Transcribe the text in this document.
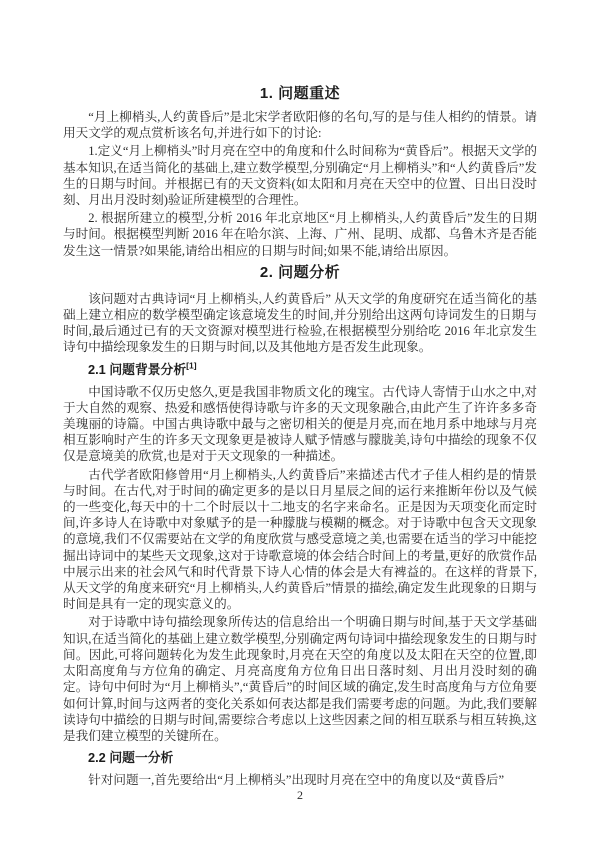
1. 问题重述

“月上柳梢头,人约黄昏后”是北宋学者欧阳修的名句,写的是与佳人相约的情景。请用天文学的观点赏析该名句,并进行如下的讨论:

1.定义“月上柳梢头”时月亮在空中的角度和什么时间称为“黄昏后”。根据天文学的基本知识,在适当简化的基础上,建立数学模型,分别确定“月上柳梢头”和“人约黄昏后”发生的日期与时间。并根据已有的天文资料(如太阳和月亮在天空中的位置、日出日没时刻、月出月没时刻)验证所建模型的合理性。

2. 根据所建立的模型,分析 2016 年北京地区“月上柳梢头,人约黄昏后”发生的日期与时间。根据模型判断 2016 年在哈尔滨、上海、广州、昆明、成都、乌鲁木齐是否能发生这一情景?如果能,请给出相应的日期与时间;如果不能,请给出原因。

2. 问题分析

该问题对古典诗词“月上柳梢头,人约黄昏后” 从天文学的角度研究在适当简化的基础上建立相应的数学模型确定该意境发生的时间,并分别给出这两句诗词发生的日期与时间,最后通过已有的天文资源对模型进行检验,在根据模型分别给吃 2016 年北京发生诗句中描绘现象发生的日期与时间,以及其他地方是否发生此现象。

2.1 问题背景分析[1]

中国诗歌不仅历史悠久,更是我国非物质文化的瑰宝。古代诗人寄情于山水之中,对于大自然的观察、热爱和感悟使得诗歌与许多的天文现象融合,由此产生了许许多多奇美瑰丽的诗篇。中国古典诗歌中最与之密切相关的便是月亮,而在地月系中地球与月亮相互影响时产生的许多天文现象更是被诗人赋予情感与朦胧美,诗句中描绘的现象不仅仅是意境美的欣赏,也是对于天文现象的一种描述。

古代学者欧阳修曾用“月上柳梢头,人约黄昏后”来描述古代才子佳人相约是的情景与时间。在古代,对于时间的确定更多的是以日月星辰之间的运行来推断年份以及气候的一些变化,每天中的十二个时辰以十二地支的名字来命名。正是因为天项变化而定时间,许多诗人在诗歌中对象赋予的是一种朦胧与模糊的概念。对于诗歌中包含天文现象的意境,我们不仅需要站在文学的角度欣赏与感受意境之美,也需要在适当的学习中能挖掘出诗词中的某些天文现象,这对于诗歌意境的体会结合时间上的考量,更好的欣赏作品中展示出来的社会风气和时代背景下诗人心情的体会是大有裨益的。在这样的背景下,从天文学的角度来研究“月上柳梢头,人约黄昏后”情景的描绘,确定发生此现象的日期与时间是具有一定的现实意义的。

对于诗歌中诗句描绘现象所传达的信息给出一个明确日期与时间,基于天文学基础知识,在适当简化的基础上建立数学模型,分别确定两句诗词中描绘现象发生的日期与时间。因此,可将问题转化为发生此现象时,月亮在天空的角度以及太阳在天空的位置,即太阳高度角与方位角的确定、月亮高度角方位角日出日落时刻、月出月没时刻的确定。诗句中何时为“月上柳梢头”,“黄昏后”的时间区域的确定,发生时高度角与方位角要如何计算,时间与这两者的变化关系如何表达都是我们需要考虑的问题。为此,我们要解读诗句中描绘的日期与时间,需要综合考虑以上这些因素之间的相互联系与相互转换,这是我们建立模型的关键所在。

2.2 问题一分析

针对问题一,首先要给出“月上柳梢头”出现时月亮在空中的角度以及“黄昏后”

2
